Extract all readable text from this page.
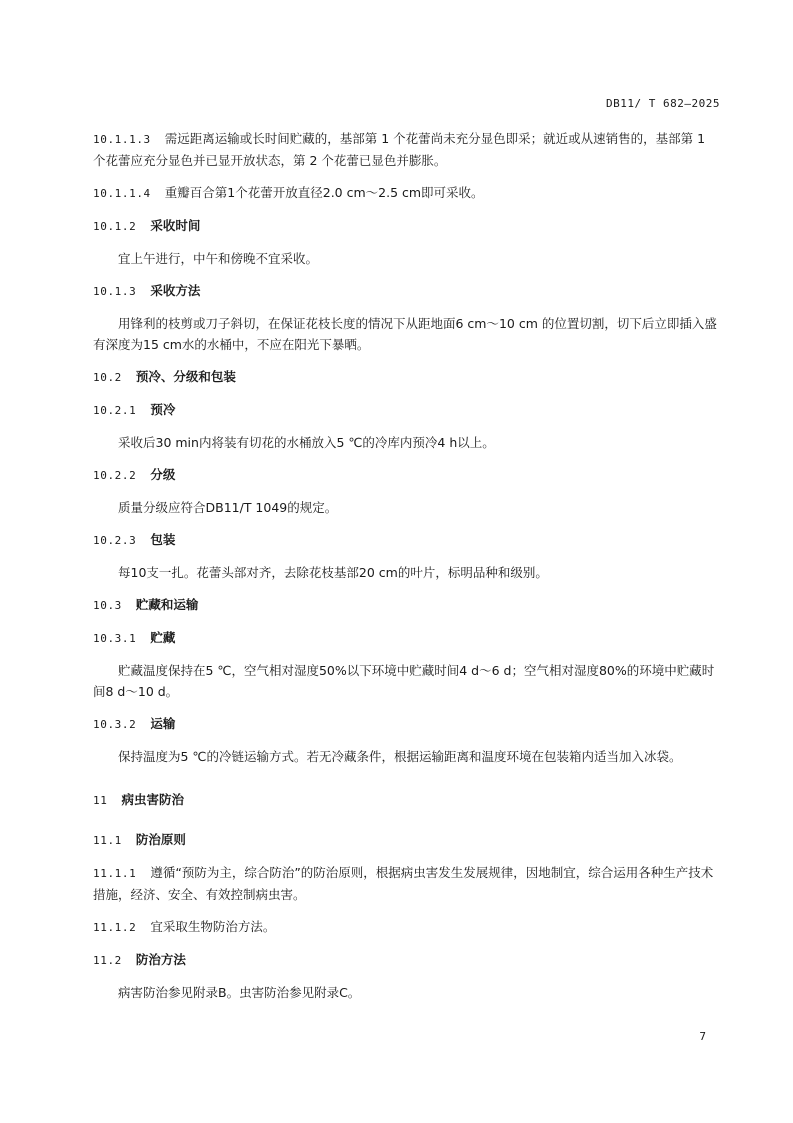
DB11/ T 682—2025

10.1.1.3 需远距离运输或长时间贮藏的，基部第 1 个花蕾尚未充分显色即采；就近或从速销售的，基部第 1 个花蕾应充分显色并已显开放状态，第 2 个花蕾已显色并膨胀。

10.1.1.4 重瓣百合第1个花蕾开放直径2.0 cm～2.5 cm即可采收。

10.1.2 采收时间

宜上午进行，中午和傍晚不宜采收。

10.1.3 采收方法

用锋利的枝剪或刀子斜切，在保证花枝长度的情况下从距地面6 cm～10 cm 的位置切割，切下后立即插入盛有深度为15 cm水的水桶中，不应在阳光下暴晒。

10.2 预冷、分级和包装

10.2.1 预冷

采收后30 min内将装有切花的水桶放入5 ℃的冷库内预冷4 h以上。

10.2.2 分级

质量分级应符合DB11/T 1049的规定。

10.2.3 包装

每10支一扎。花蕾头部对齐，去除花枝基部20 cm的叶片，标明品种和级别。

10.3 贮藏和运输

10.3.1 贮藏

贮藏温度保持在5 ℃，空气相对湿度50%以下环境中贮藏时间4 d～6 d；空气相对湿度80%的环境中贮藏时间8 d～10 d。

10.3.2 运输

保持温度为5 ℃的冷链运输方式。若无冷藏条件，根据运输距离和温度环境在包装箱内适当加入冰袋。

11 病虫害防治

11.1 防治原则

11.1.1 遵循“预防为主，综合防治”的防治原则，根据病虫害发生发展规律，因地制宜，综合运用各种生产技术措施，经济、安全、有效控制病虫害。

11.1.2 宜采取生物防治方法。

11.2 防治方法

病害防治参见附录B。虫害防治参见附录C。

7
